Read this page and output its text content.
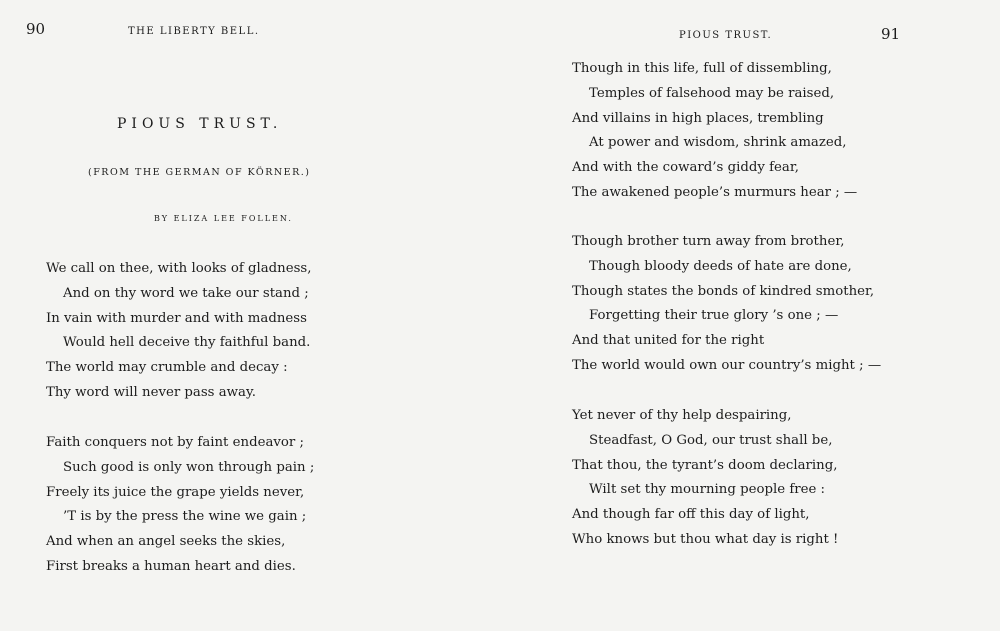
90	THE LIBERTY BELL.
PIOUS TRUST.
(FROM THE GERMAN OF KÖRNER.)
BY ELIZA LEE FOLLEN.
We call on thee, with looks of gladness,
And on thy word we take our stand ;
In vain with murder and with madness
Would hell deceive thy faithful band.
The world may crumble and decay :
Thy word will never pass away.
Faith conquers not by faint endeavor ;
Such good is only won through pain ;
Freely its juice the grape yields never,
’T is by the press the wine we gain ;
And when an angel seeks the skies,
First breaks a human heart and dies.
PIOUS TRUST.	91
Though in this life, full of dissembling,
Temples of falsehood may be raised,
And villains in high places, trembling
At power and wisdom, shrink amazed,
And with the coward’s giddy fear,
The awakened people’s murmurs hear ; —
Though brother turn away from brother,
Though bloody deeds of hate are done,
Though states the bonds of kindred smother,
Forgetting their true glory ’s one ; —
And that united for the right
The world would own our country’s might ; —
Yet never of thy help despairing,
Steadfast, O God, our trust shall be,
That thou, the tyrant’s doom declaring,
Wilt set thy mourning people free :
And though far off this day of light,
Who knows but thou what day is right !
